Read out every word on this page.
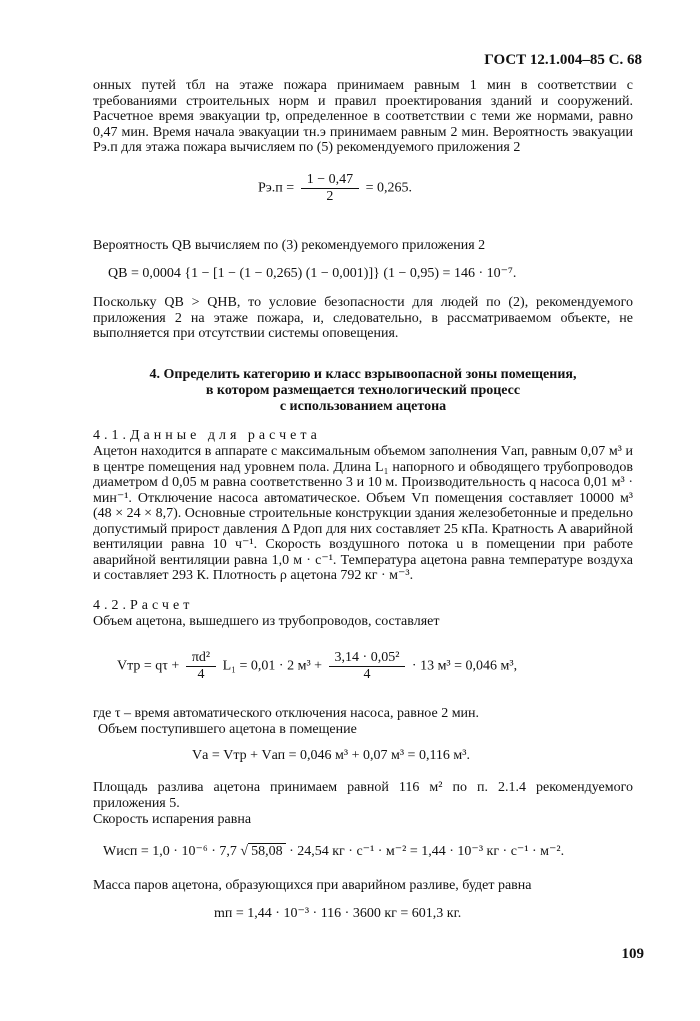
ГОСТ 12.1.004–85 С. 68
онных путей τбл на этаже пожара принимаем равным 1 мин в соответствии с требованиями строительных норм и правил проектирования зданий и сооружений. Расчетное время эвакуации tр, определенное в соответствии с теми же нормами, равно 0,47 мин. Время начала эвакуации τн.э принимаем равным 2 мин. Вероятность эвакуации Pэ.п для этажа пожара вычисляем по (5) рекомендуемого приложения 2
$Pэ.п = \frac{1 - 0,47}{2} = 0,265$.
Вероятность QB вычисляем по (3) рекомендуемого приложения 2
QB = 0,0004 {1 − [1 − (1 − 0,265) (1 − 0,001)]} (1 − 0,95) = 146 · 10⁻⁷.
Поскольку QB > QHB, то условие безопасности для людей по (2), рекомендуемого приложения 2 на этаже пожара, и, следовательно, в рассматриваемом объекте, не выполняется при отсутствии системы оповещения.
4. Определить категорию и класс взрывоопасной зоны помещения,
в котором размещается технологический процесс
с использованием ацетона
4.1.Данные для расчета
Ацетон находится в аппарате с максимальным объемом заполнения Vап, равным 0,07 м³ и в центре помещения над уровнем пола. Длина L₁ напорного и обводящего трубопроводов диаметром d 0,05 м равна соответственно 3 и 10 м. Производительность q насоса 0,01 м³ · мин⁻¹. Отключение насоса автоматическое. Объем Vп помещения составляет 10000 м³ (48 × 24 × 8,7). Основные строительные конструкции здания железобетонные и предельно допустимый прирост давления Δ Pдоп для них составляет 25 кПа. Кратность A аварийной вентиляции равна 10 ч⁻¹. Скорость воздушного потока u в помещении при работе аварийной вентиляции равна 1,0 м · с⁻¹. Температура ацетона равна температуре воздуха и составляет 293 К. Плотность ρ ацетона 792 кг · м⁻³.
4.2.Расчет
Объем ацетона, вышедшего из трубопроводов, составляет
Vтр = $q\tau + \frac{\text{πd²}}{4} L_1 = 0,01 \cdot 2$ $м^3 + \frac{\text{3,14 · 0,05²}}{4} \cdot 13$ м³ = 0,046 м³,
где τ – время автоматического отключения насоса, равное 2 мин.
Объем поступившего ацетона в помещение
Vа = Vтр + Vап = 0,046 м³ + 0,07 м³ = 0,116 м³.
Площадь разлива ацетона принимаем равной 116 м² по п. 2.1.4 рекомендуемого приложения 5.
Скорость испарения равна
Wисп = 1,0 · 10⁻⁶ · 7,7 √ 58,08 · 24,54 кг · с⁻¹ · м⁻² = 1,44 · 10⁻³ кг · с⁻¹ · м⁻².
Масса паров ацетона, образующихся при аварийном разливе, будет равна
mп = 1,44 · 10⁻³ · 116 · 3600 кг = 601,3 кг.
109
